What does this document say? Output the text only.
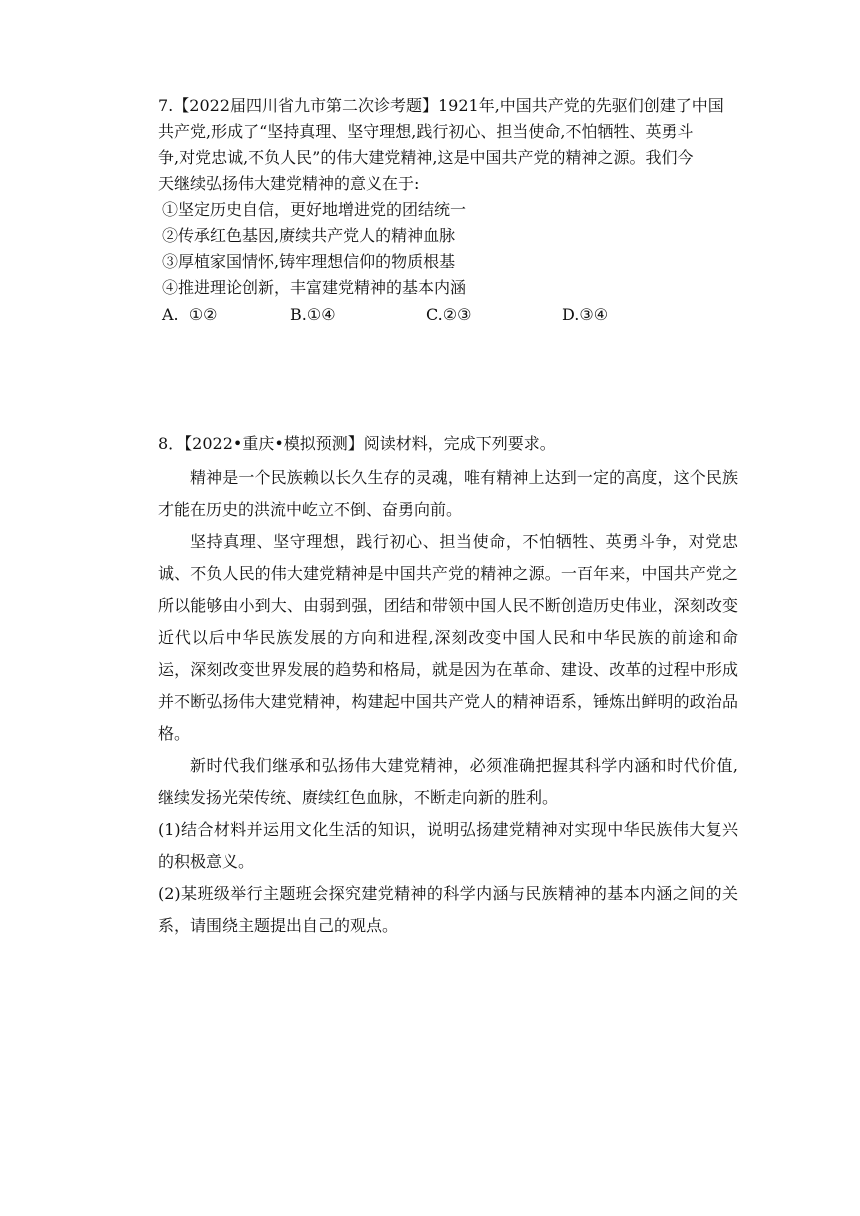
7.【2022届四川省九市第二次诊考题】1921年,中国共产党的先驱们创建了中国
共产党,形成了“坚持真理、坚守理想,践行初心、担当使命,不怕牺牲、英勇斗
争,对党忠诚,不负人民”的伟大建党精神,这是中国共产党的精神之源。我们今
天继续弘扬伟大建党精神的意义在于:

①坚定历史自信，更好地增进党的团结统一

②传承红色基因,赓续共产党人的精神血脉

③厚植家国情怀,铸牢理想信仰的物质根基

④推进理论创新，丰富建党精神的基本内涵

A.  ①②	B.①④	C.②③	D.③④

8．【2022•重庆•模拟预测】阅读材料，完成下列要求。

精神是一个民族赖以长久生存的灵魂，唯有精神上达到一定的高度，这个民族才能在历史的洪流中屹立不倒、奋勇向前。

坚持真理、坚守理想，践行初心、担当使命，不怕牺牲、英勇斗争，对党忠诚、不负人民的伟大建党精神是中国共产党的精神之源。一百年来，中国共产党之所以能够由小到大、由弱到强，团结和带领中国人民不断创造历史伟业，深刻改变近代以后中华民族发展的方向和进程,深刻改变中国人民和中华民族的前途和命运，深刻改变世界发展的趋势和格局，就是因为在革命、建设、改革的过程中形成并不断弘扬伟大建党精神，构建起中国共产党人的精神语系，锤炼出鲜明的政治品格。

新时代我们继承和弘扬伟大建党精神，必须准确把握其科学内涵和时代价值,继续发扬光荣传统、赓续红色血脉，不断走向新的胜利。

(1)结合材料并运用文化生活的知识，说明弘扬建党精神对实现中华民族伟大复兴的积极意义。

(2)某班级举行主题班会探究建党精神的科学内涵与民族精神的基本内涵之间的关系，请围绕主题提出自己的观点。
